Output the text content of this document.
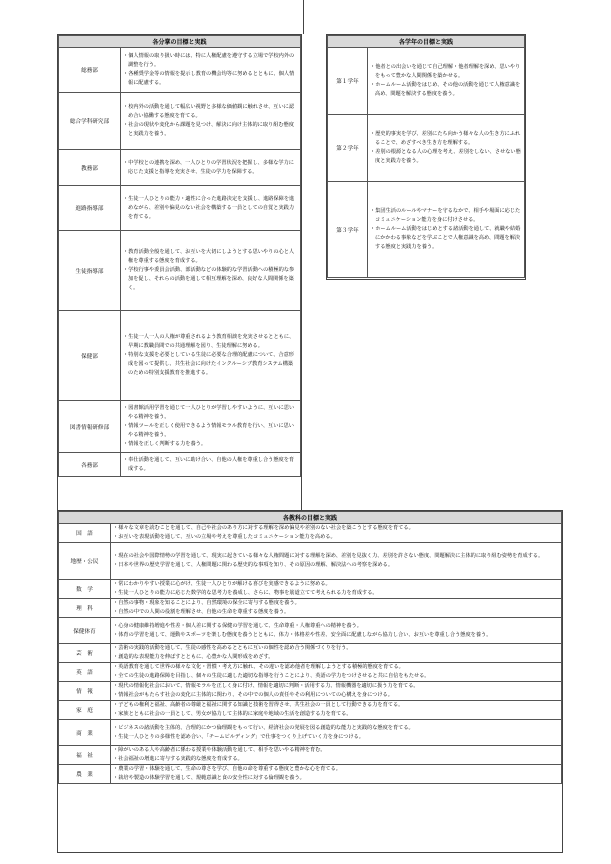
各分掌の目標と実践	
総務部	・ 個人情報の取り扱い時には、特に人権配慮を遵守する立場で学校内外の調整を行う。
・ 各種奨学金等の情報を提示し教育の機会均等に努めるとともに、個人情報に配慮する。

総合学科研究部	・ 校内外の活動を通して幅広い視野と多様な価値観に触れさせ、互いに認め合い協働する態度を育てる。
・ 社会の現状や変化から課題を見つけ、解決に向け主体的に取り組む態度と実践力を養う。

教務部	・ 中学校との連携を深め、一人ひとりの学習状況を把握し、多様な学力に応じた支援と指導を充実させ、生徒の学力を保障する。

進路指導部	・ 生徒一人ひとりの能力・適性に合った進路決定を支援し、進路保障を進めながら、差別や偏見のない社会を構築する一員としての自覚と実践力を育てる。

生徒指導部	・ 教育活動全般を通して、お互いを大切にしようとする思いやりの心と人権を尊重する態度を育成する。
・ 学校行事や委員会活動、部活動などの体験的な学習活動への積極的な参加を促し、それらの活動を通して相互理解を深め、良好な人間関係を築く。

保健部	・ 生徒一人一人の人権が尊重されるよう教育相談を充実させるとともに、早期に教職員間での共通理解を図り、生徒理解に努める。
・ 特別な支援を必要としている生徒に必要な合理的配慮について、合意形成を図って提供し、共生社会に向けたインクルーシブ教育システム構築のための特別支援教育を推進する。

図書情報研修部	・ 図書館活用学習を通じて一人ひとりが学習しやすいように、互いに思いやる精神を養う。
・ 情報ツールを正しく使用できるよう情報モラル教育を行い、互いに思いやる精神を養う。
・ 情報を正しく判断する力を養う。

各務部	・ 奉仕活動を通して、互いに助け合い、自他の人権を尊重し合う態度を育成する。
各学年の目標と実践	
第１学年	・ 他者との出会いを通じて自己理解・他者理解を深め、思いやりをもって豊かな人間関係を築かせる。
・ ホームルーム活動をはじめ、その他の活動を通じて人権意識を高め、問題を解決する態度を養う。

第２学年	・ 歴史的事実を学び、差別にたち向かう様々な人の生き方にふれることで、めざすべき生き方を理解する。
・ 差別の根源となる人の心理を考え、差別をしない、させない態度と実践力を養う。

第３学年	・ 集団生活のルールやマナーを守るなかで、相手や場面に応じたコミュニケーション能力を身に付けさせる。
・ ホームルーム活動をはじめとする諸活動を通して、就職や結婚にかかわる事象などを学ぶことで人権意識を高め、問題を解決する態度と実践力を養う。
各教科の目標と実践	
国　語	・ 様々な文章を読むことを通して、自己や社会のあり方に対する理解を深め偏見や差別のない社会を築こうとする態度を育てる。
・ お互いを表現活動を通して、互いの立場や考えを尊重したコミュニケーション能力を高める。

地歴・公民	・ 現在の社会や国際情勢の学習を通して、現実に起きている様々な人権問題に対する理解を深め、差別を見抜く力、差別を許さない態度、問題解決に主体的に取り組む姿勢を育成する。
・ 日本や世界の歴史学習を通して、人権問題に関わる歴史的な事項を知り、その原因の理解、解決法への考察を深める。

数　学	・ 常にわかりやすい授業に心がけ、生徒一人ひとりが解ける喜びを実感できるように努める。
・ 生徒一人ひとりの能力に応じた数学的な思考力を養成し、さらに、物事を筋道立てて考えられる力を育成する。

理　科	・ 自然の事物・現象を知ることにより、自然環境の保全に寄与する態度を養う。
・ 自然の中での人間の役割を理解させ、自他の生命を尊重する態度を養う。

保健体育	・ 心身の健康維持増進や性差・個人差に関する保健の学習を通して、生命尊重・人権尊重への精神を養う。
・ 体育の学習を通して、運動やスポーツを楽しむ態度を養うとともに、体力・体格差や性差、安全面に配慮しながら協力し合い、お互いを尊重し合う態度を養う。

芸　術	・ 芸術の実践的活動を通して、生徒の感性を高めるとともに互いの個性を認め合う関係づくりを行う。
・ 創造的な表現能力を伸ばすとともに、心豊かな人間形成をめざす。

英　語	・ 英語教育を通して世界の様々な文化・習慣・考え方に触れ、その違いを認め他者を理解しようとする積極的態度を育てる。
・ 全ての生徒の進路保障を目指し、個々の生徒に適した適切な指導を行うことにより、英語の学力をつけさせると共に自信をもたせる。

情　報	・ 現代の情報化社会において、情報モラルを正しく身に付け、情報を適切に判断・活用する力、情報機器を適切に扱う力を育てる。
・ 情報社会がもたらす社会の変化に主体的に関わり、その中での個人の責任やその利用についての心構えを身につける。

家　庭	・ 子どもの権利と福祉、高齢者の尊厳と福祉に関する知識と技術を習得させ、共生社会の一員として行動できる力を育てる。
・ 家族とともに社会の一員として、男女が協力して主体的に家庭や地域の生活を創造する力を育てる。

商　業	・ ビジネスの諸活動を主体的、合理的にかつ倫理観をもって行い、経済社会の発展を図る創造的な能力と実践的な態度を育てる。
・ 生徒一人ひとりの多様性を認め合い、「チームビルディング」で仕事をつくり上げていく力を身につける。

福　祉	・ 障がいのある人や高齢者に係わる授業や体験活動を通して、相手を思いやる精神を育む。
・ 社会福祉の増進に寄与する実践的な態度を育成する。

農　業	・ 農業の学習・体験を通して、生命の尊さを学び、自他の命を尊重する態度と豊かな心を育てる。
・ 栽培や製造の体験学習を通して、規範意識と食の安全性に対する倫理観を養う。
